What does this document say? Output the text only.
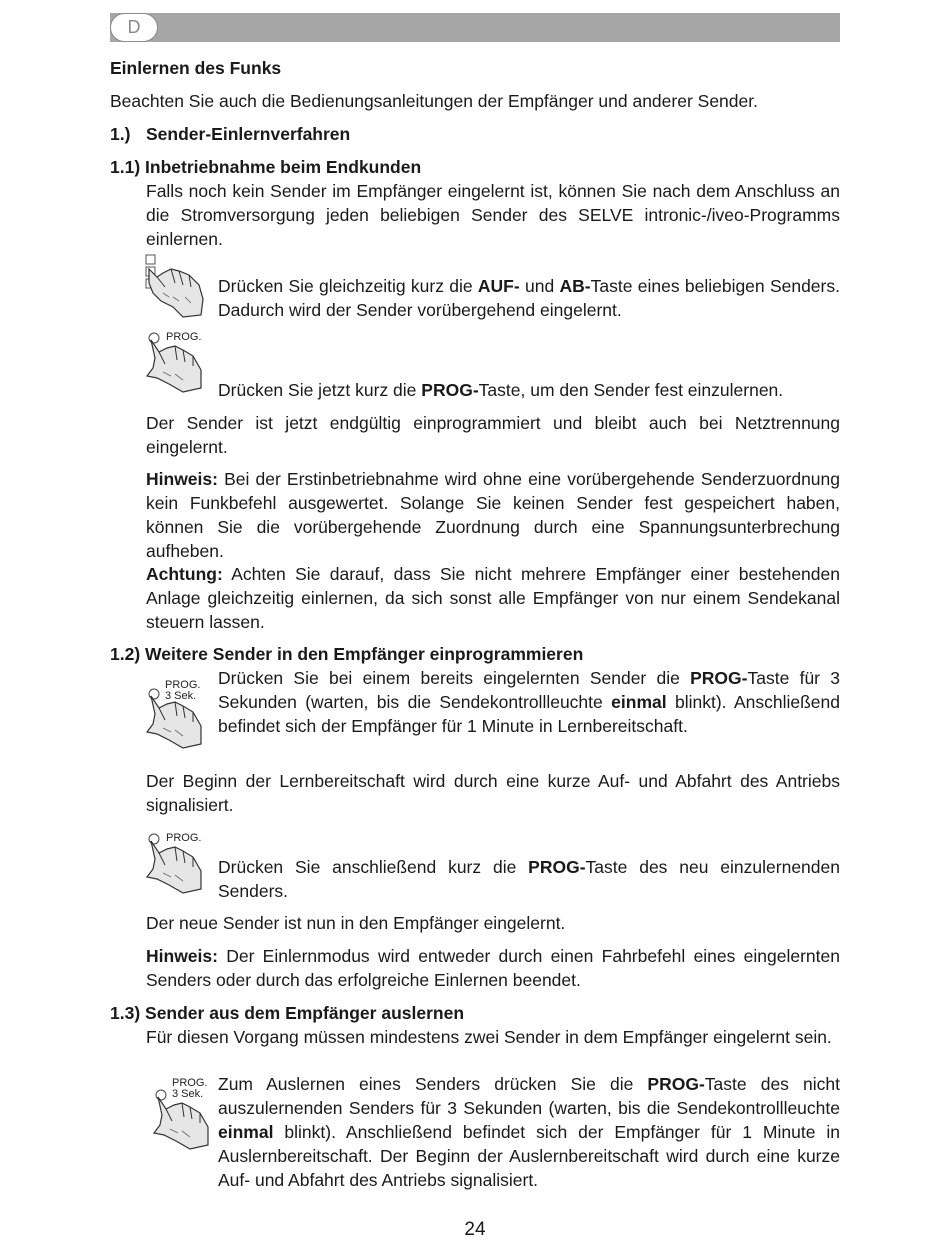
D

Einlernen des Funks

Beachten Sie auch die Bedienungsanleitungen der Empfänger und anderer Sender.

1.) Sender-Einlernverfahren

1.1) Inbetriebnahme beim Endkunden

Falls noch kein Sender im Empfänger eingelernt ist, können Sie nach dem Anschluss an die Stromversorgung jeden beliebigen Sender des SELVE intronic-/iveo-Programms einlernen.

Drücken Sie gleichzeitig kurz die AUF- und AB-Taste eines beliebigen Senders. Dadurch wird der Sender vorübergehend eingelernt.

PROG.

Drücken Sie jetzt kurz die PROG-Taste, um den Sender fest einzulernen.

Der Sender ist jetzt endgültig einprogrammiert und bleibt auch bei Netztrennung eingelernt.

Hinweis: Bei der Erstinbetriebnahme wird ohne eine vorübergehende Senderzuordnung kein Funkbefehl ausgewertet. Solange Sie keinen Sender fest gespeichert haben, können Sie die vorübergehende Zuordnung durch eine Spannungsunterbrechung aufheben.

Achtung: Achten Sie darauf, dass Sie nicht mehrere Empfänger einer bestehenden Anlage gleichzeitig einlernen, da sich sonst alle Empfänger von nur einem Sendekanal steuern lassen.

1.2) Weitere Sender in den Empfänger einprogrammieren

PROG.
3 Sek.

Drücken Sie bei einem bereits eingelernten Sender die PROG-Taste für 3 Sekunden (warten, bis die Sendekontrollleuchte einmal blinkt). Anschließend befindet sich der Empfänger für 1 Minute in Lernbereitschaft.

Der Beginn der Lernbereitschaft wird durch eine kurze Auf- und Abfahrt des Antriebs signalisiert.

PROG.

Drücken Sie anschließend kurz die PROG-Taste des neu einzulernenden Senders.

Der neue Sender ist nun in den Empfänger eingelernt.

Hinweis: Der Einlernmodus wird entweder durch einen Fahrbefehl eines eingelernten Senders oder durch das erfolgreiche Einlernen beendet.

1.3) Sender aus dem Empfänger auslernen

Für diesen Vorgang müssen mindestens zwei Sender in dem Empfänger eingelernt sein.

PROG.
3 Sek. Zum Auslernen eines Senders drücken Sie die PROG-Taste des nicht auszulernenden Senders für 3 Sekunden (warten, bis die Sendekontrollleuchte einmal blinkt). Anschließend befindet sich der Empfänger für 1 Minute in Auslernbereitschaft. Der Beginn der Auslernbereitschaft wird durch eine kurze Auf- und Abfahrt des Antriebs signalisiert.

24
